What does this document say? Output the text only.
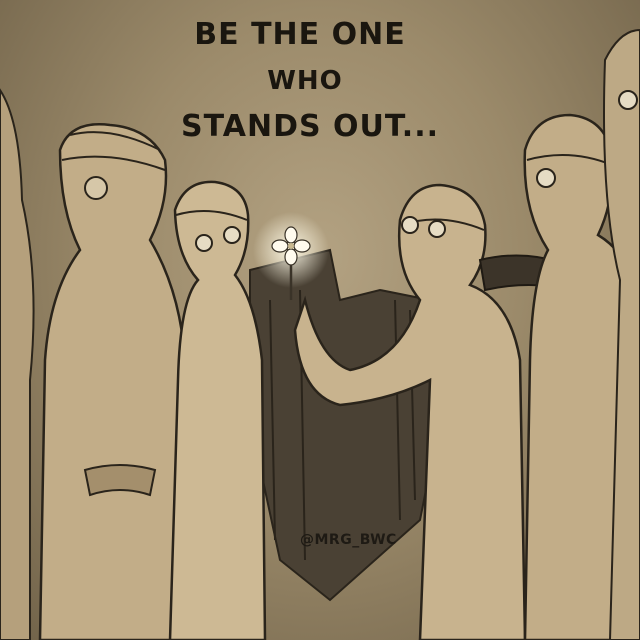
BE THE ONE
WHO
STANDS OUT...
@MRG_BWC
